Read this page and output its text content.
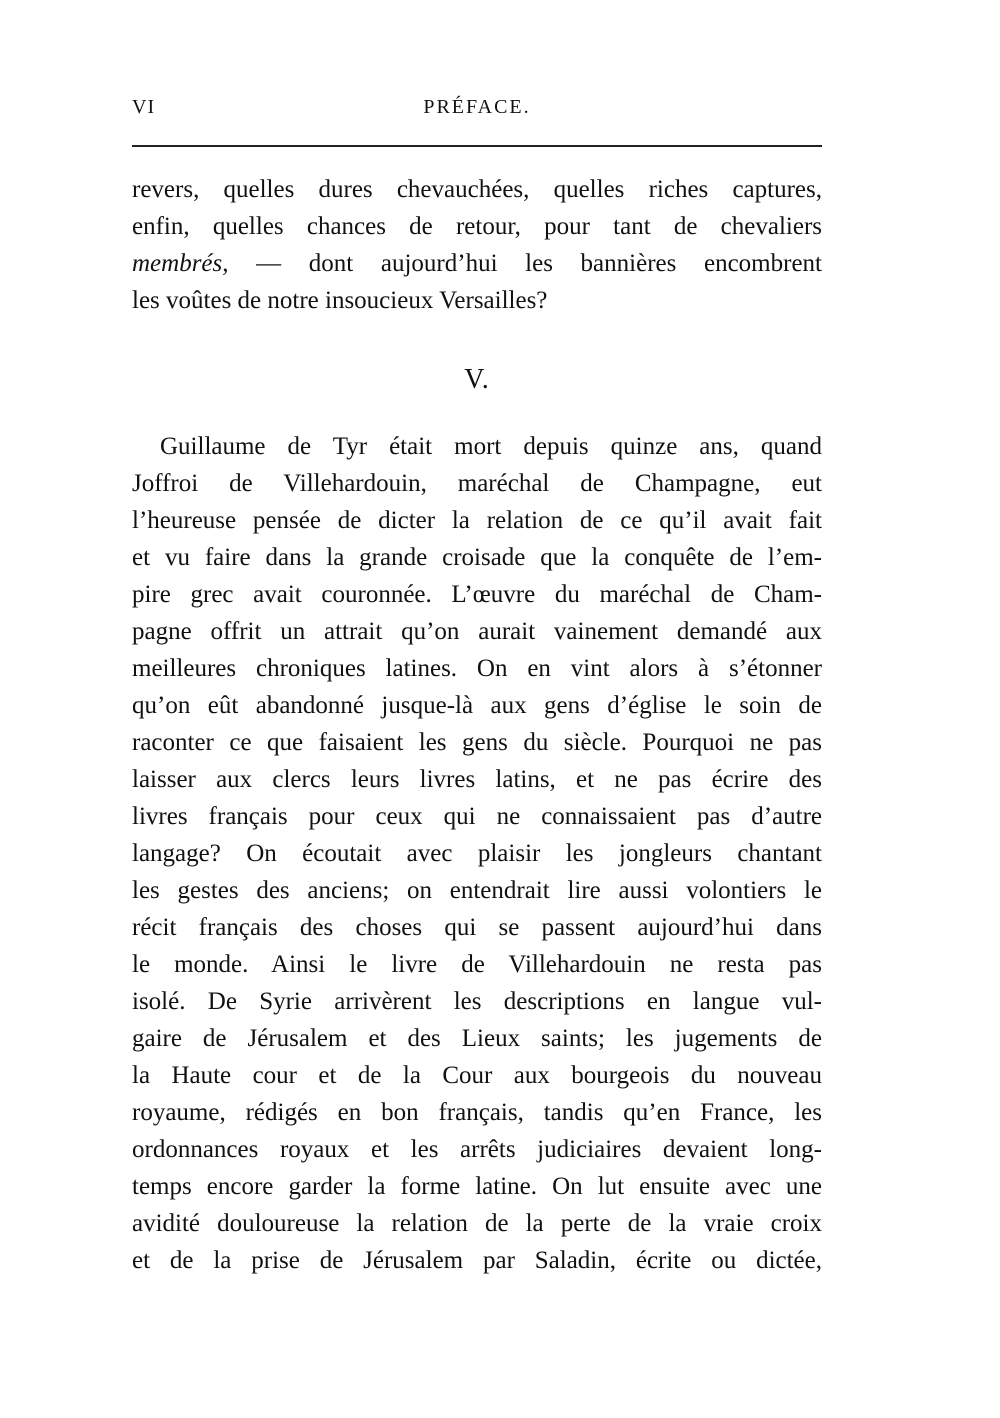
VI	PRÉFACE.
revers, quelles dures chevauchées, quelles riches captures,
enfin, quelles chances de retour, pour tant de chevaliers
membrés, — dont aujourd’hui les bannières encombrent
les voûtes de notre insoucieux Versailles?
V.
Guillaume de Tyr était mort depuis quinze ans, quand
Joffroi de Villehardouin, maréchal de Champagne, eut
l’heureuse pensée de dicter la relation de ce qu’il avait fait
et vu faire dans la grande croisade que la conquête de l’em-
pire grec avait couronnée. L’œuvre du maréchal de Cham-
pagne offrit un attrait qu’on aurait vainement demandé aux
meilleures chroniques latines. On en vint alors à s’étonner
qu’on eût abandonné jusque-là aux gens d’église le soin de
raconter ce que faisaient les gens du siècle. Pourquoi ne pas
laisser aux clercs leurs livres latins, et ne pas écrire des
livres français pour ceux qui ne connaissaient pas d’autre
langage? On écoutait avec plaisir les jongleurs chantant
les gestes des anciens; on entendrait lire aussi volontiers le
récit français des choses qui se passent aujourd’hui dans
le monde. Ainsi le livre de Villehardouin ne resta pas
isolé. De Syrie arrivèrent les descriptions en langue vul-
gaire de Jérusalem et des Lieux saints; les jugements de
la Haute cour et de la Cour aux bourgeois du nouveau
royaume, rédigés en bon français, tandis qu’en France, les
ordonnances royaux et les arrêts judiciaires devaient long-
temps encore garder la forme latine. On lut ensuite avec une
avidité douloureuse la relation de la perte de la vraie croix
et de la prise de Jérusalem par Saladin, écrite ou dictée,
